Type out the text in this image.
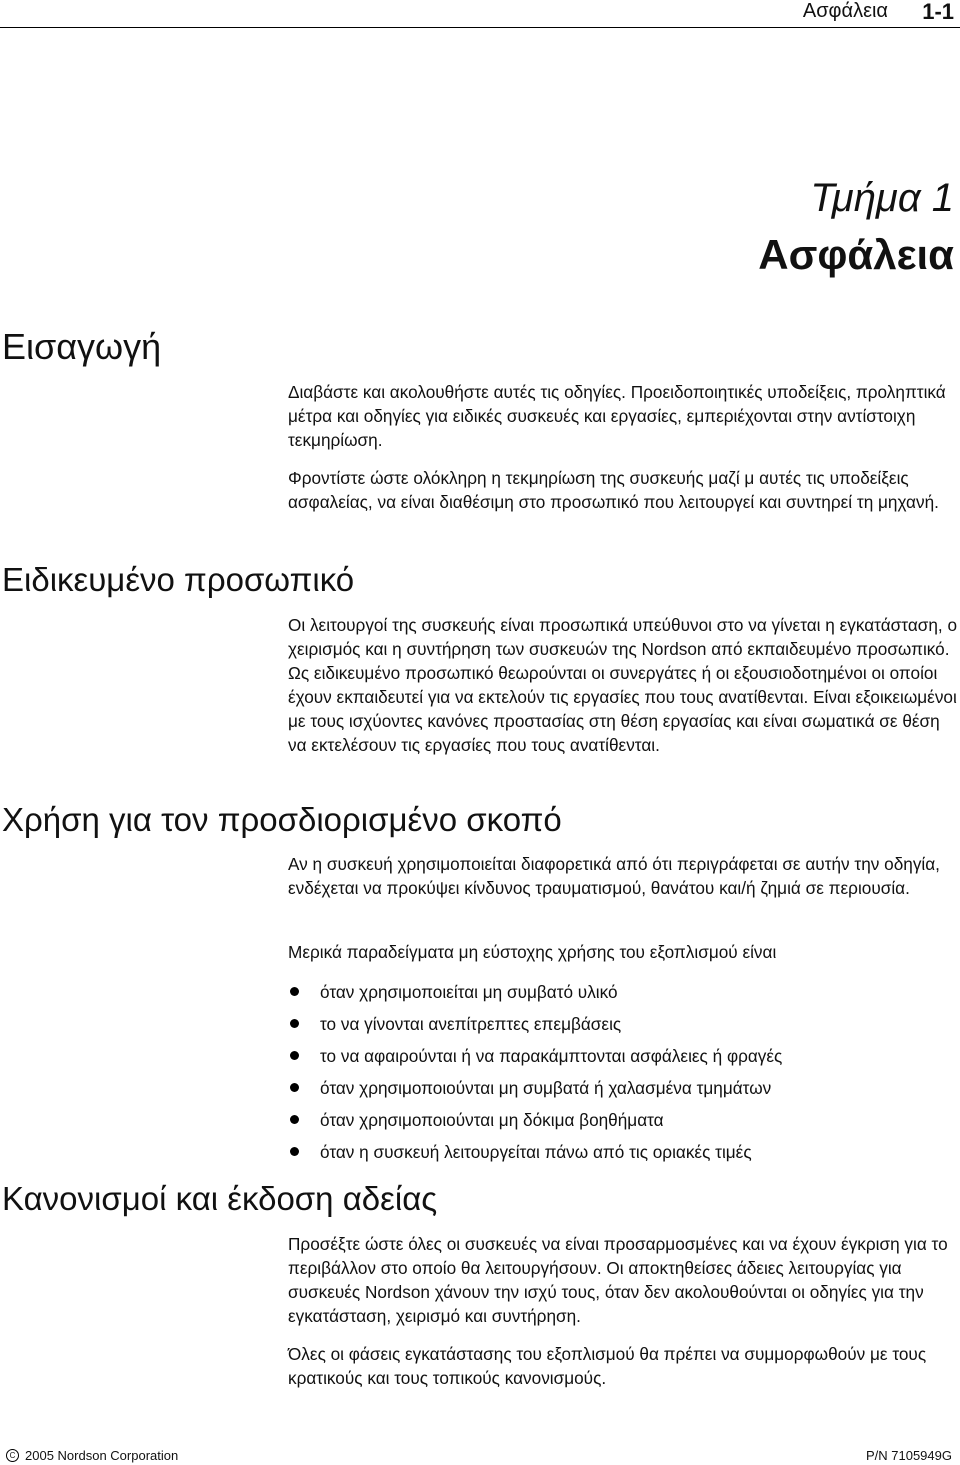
Ασφάλεια 1-1
Τμήμα 1
Ασφάλεια
Εισαγωγή
Διαβάστε και ακολουθήστε αυτές τις οδηγίες. Προειδοποιητικές υποδείξεις, προληπτικά μέτρα και οδηγίες για ειδικές συσκευές και εργασίες, εμπεριέχονται στην αντίστοιχη τεκμηρίωση.
Φροντίστε ώστε ολόκληρη η τεκμηρίωση της συσκευής μαζί μ αυτές τις υποδείξεις ασφαλείας, να είναι διαθέσιμη στο προσωπικό που λειτουργεί και συντηρεί τη μηχανή.
Ειδικευμένο προσωπικό
Οι λειτουργοί της συσκευής είναι προσωπικά υπεύθυνοι στο να γίνεται η εγκατάσταση, ο χειρισμός και η συντήρηση των συσκευών της Nordson από εκπαιδευμένο προσωπικό. Ως ειδικευμένο προσωπικό θεωρούνται οι συνεργάτες ή οι εξουσιοδοτημένοι οι οποίοι έχουν εκπαιδευτεί για να εκτελούν τις εργασίες που τους ανατίθενται. Είναι εξοικειωμένοι με τους ισχύοντες κανόνες προστασίας στη θέση εργασίας και είναι σωματικά σε θέση να εκτελέσουν τις εργασίες που τους ανατίθενται.
Χρήση για τον προσδιορισμένο σκοπό
Αν η συσκευή χρησιμοποιείται διαφορετικά από ότι περιγράφεται σε αυτήν την οδηγία, ενδέχεται να προκύψει κίνδυνος τραυματισμού, θανάτου και/ή ζημιά σε περιουσία.
Μερικά παραδείγματα μη εύστοχης χρήσης του εξοπλισμού είναι
όταν χρησιμοποιείται μη συμβατό υλικό
το να γίνονται ανεπίτρεπτες επεμβάσεις
το να αφαιρούνται ή να παρακάμπτονται ασφάλειες ή φραγές
όταν χρησιμοποιούνται μη συμβατά ή χαλασμένα τμημάτων
όταν χρησιμοποιούνται μη δόκιμα βοηθήματα
όταν η συσκευή λειτουργείται πάνω από τις οριακές τιμές
Κανονισμοί και έκδοση αδείας
Προσέξτε ώστε όλες οι συσκευές να είναι προσαρμοσμένες και να έχουν έγκριση για το περιβάλλον στο οποίο θα λειτουργήσουν. Οι αποκτηθείσες άδειες λειτουργίας για συσκευές Nordson χάνουν την ισχύ τους, όταν δεν ακολουθούνται οι οδηγίες για την εγκατάσταση, χειρισμό και συντήρηση.
Όλες οι φάσεις εγκατάστασης του εξοπλισμού θα πρέπει να συμμορφωθούν με τους κρατικούς και τους τοπικούς κανονισμούς.
C 2005 Nordson Corporation	P/N 7105949G
